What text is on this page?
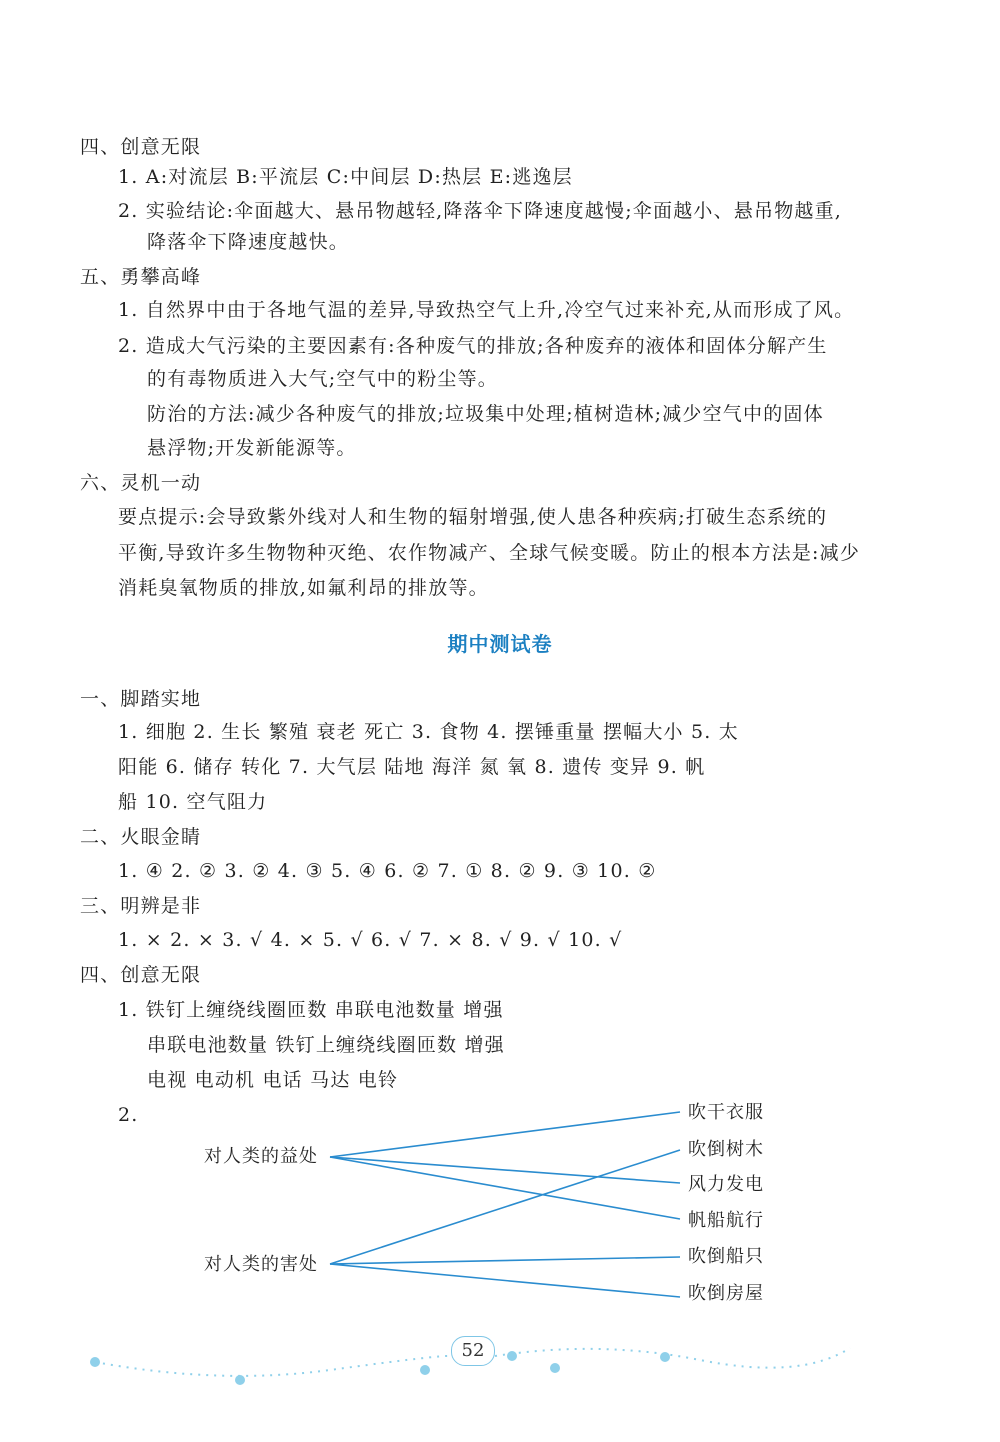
四、创意无限
1. A:对流层 B:平流层 C:中间层 D:热层 E:逃逸层
2. 实验结论:伞面越大、悬吊物越轻,降落伞下降速度越慢;伞面越小、悬吊物越重,
降落伞下降速度越快。
五、勇攀高峰
1. 自然界中由于各地气温的差异,导致热空气上升,冷空气过来补充,从而形成了风。
2. 造成大气污染的主要因素有:各种废气的排放;各种废弃的液体和固体分解产生
的有毒物质进入大气;空气中的粉尘等。
防治的方法:减少各种废气的排放;垃圾集中处理;植树造林;减少空气中的固体
悬浮物;开发新能源等。
六、灵机一动
要点提示:会导致紫外线对人和生物的辐射增强,使人患各种疾病;打破生态系统的
平衡,导致许多生物物种灭绝、农作物减产、全球气候变暖。防止的根本方法是:减少
消耗臭氧物质的排放,如氟利昂的排放等。
期中测试卷
一、脚踏实地
1. 细胞 2. 生长 繁殖 衰老 死亡 3. 食物 4. 摆锤重量 摆幅大小 5. 太
阳能 6. 储存 转化 7. 大气层 陆地 海洋 氮 氧 8. 遗传 变异 9. 帆
船 10. 空气阻力
二、火眼金睛
1. ④ 2. ② 3. ② 4. ③ 5. ④ 6. ② 7. ① 8. ② 9. ③ 10. ②
三、明辨是非
1. × 2. × 3. √ 4. × 5. √ 6. √ 7. × 8. √ 9. √ 10. √
四、创意无限
1. 铁钉上缠绕线圈匝数 串联电池数量 增强
串联电池数量 铁钉上缠绕线圈匝数 增强
电视 电动机 电话 马达 电铃
2.
对人类的益处
对人类的害处
吹干衣服
吹倒树木
风力发电
帆船航行
吹倒船只
吹倒房屋
52
